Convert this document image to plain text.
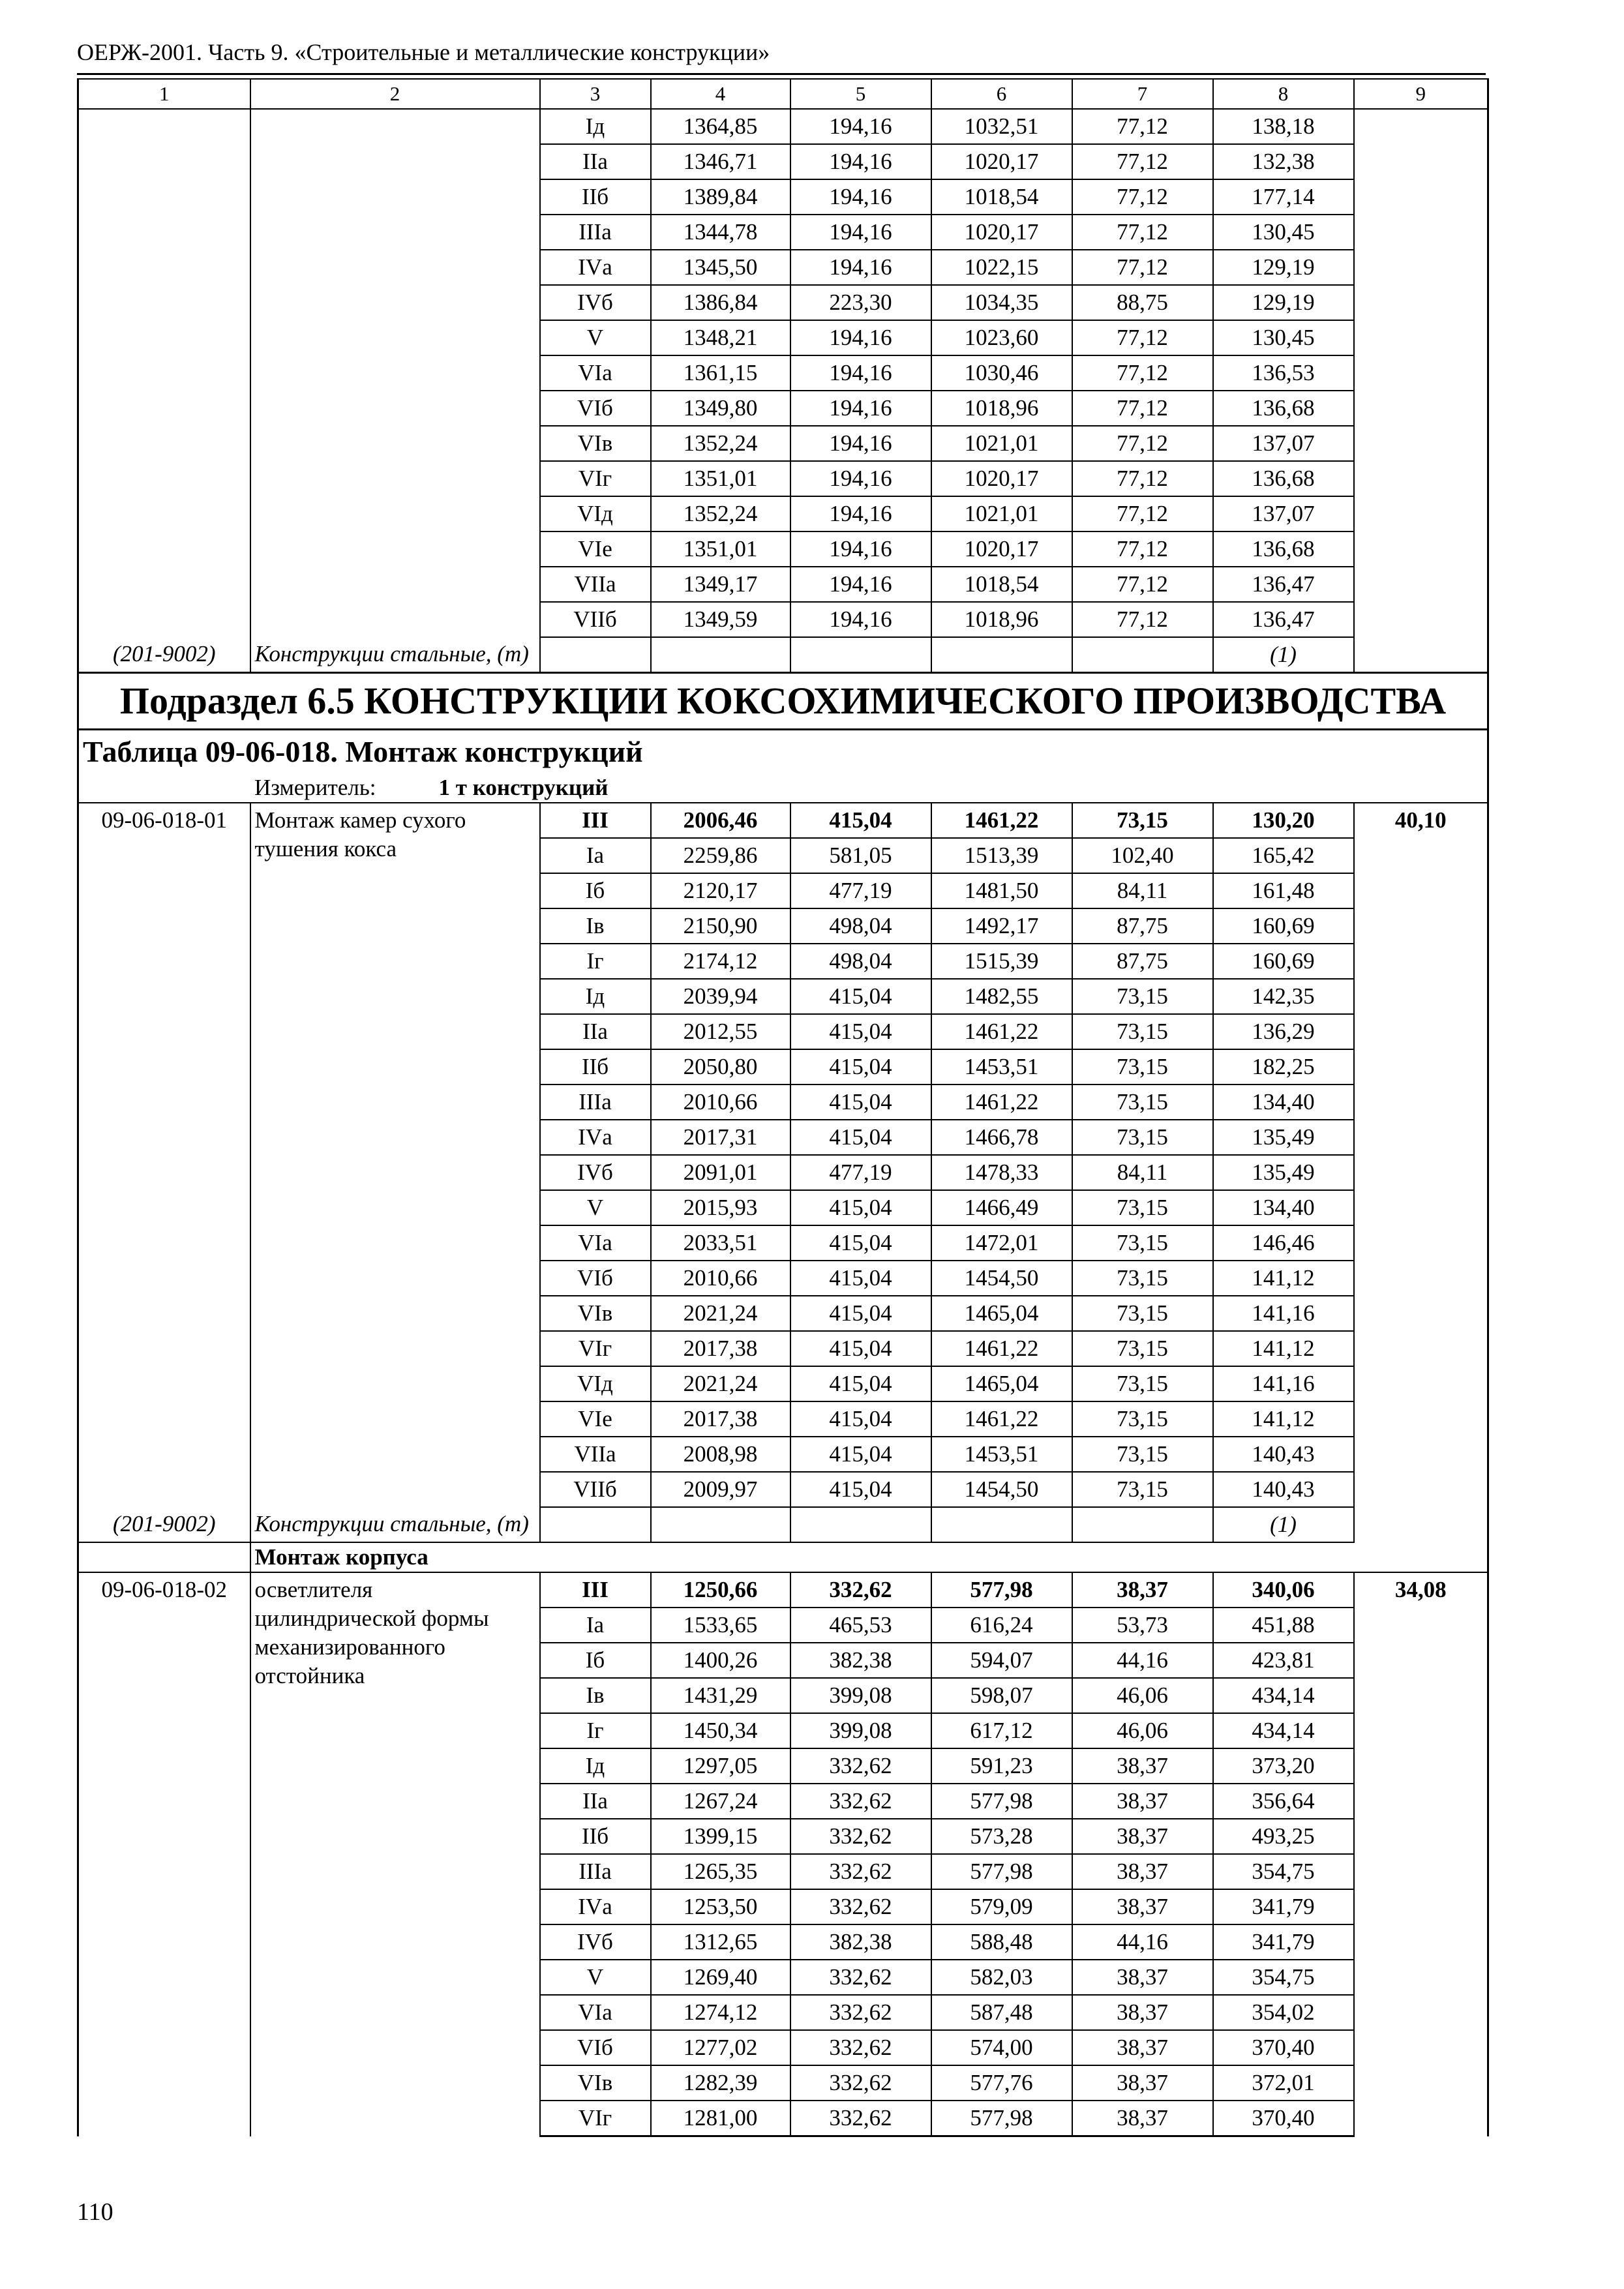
ОЕРЖ-2001. Часть 9. «Строительные и металлические конструкции»
1	2	3	4	5	6	7	8	9
		Iд	1364,85	194,16	1032,51	77,12	138,18	
		IIа	1346,71	194,16	1020,17	77,12	132,38	
		IIб	1389,84	194,16	1018,54	77,12	177,14	
		IIIа	1344,78	194,16	1020,17	77,12	130,45	
		IVа	1345,50	194,16	1022,15	77,12	129,19	
		IVб	1386,84	223,30	1034,35	88,75	129,19	
		V	1348,21	194,16	1023,60	77,12	130,45	
		VIа	1361,15	194,16	1030,46	77,12	136,53	
		VIб	1349,80	194,16	1018,96	77,12	136,68	
		VIв	1352,24	194,16	1021,01	77,12	137,07	
		VIг	1351,01	194,16	1020,17	77,12	136,68	
		VIд	1352,24	194,16	1021,01	77,12	137,07	
		VIе	1351,01	194,16	1020,17	77,12	136,68	
		VIIа	1349,17	194,16	1018,54	77,12	136,47	
		VIIб	1349,59	194,16	1018,96	77,12	136,47	
(201-9002)	Конструкции стальные, (т)						(1)	
Подраздел 6.5 КОНСТРУКЦИИ КОКСОХИМИЧЕСКОГО ПРОИЗВОДСТВА								
Таблица 09-06-018. Монтаж конструкций								
Измеритель: 1 т конструкций								
09-06-018-01	Монтаж камер сухого тушения кокса	III	2006,46	415,04	1461,22	73,15	130,20	40,10
		Iа	2259,86	581,05	1513,39	102,40	165,42	
		Iб	2120,17	477,19	1481,50	84,11	161,48	
		Iв	2150,90	498,04	1492,17	87,75	160,69	
		Iг	2174,12	498,04	1515,39	87,75	160,69	
		Iд	2039,94	415,04	1482,55	73,15	142,35	
		IIа	2012,55	415,04	1461,22	73,15	136,29	
		IIб	2050,80	415,04	1453,51	73,15	182,25	
		IIIа	2010,66	415,04	1461,22	73,15	134,40	
		IVа	2017,31	415,04	1466,78	73,15	135,49	
		IVб	2091,01	477,19	1478,33	84,11	135,49	
		V	2015,93	415,04	1466,49	73,15	134,40	
		VIа	2033,51	415,04	1472,01	73,15	146,46	
		VIб	2010,66	415,04	1454,50	73,15	141,12	
		VIв	2021,24	415,04	1465,04	73,15	141,16	
		VIг	2017,38	415,04	1461,22	73,15	141,12	
		VIд	2021,24	415,04	1465,04	73,15	141,16	
		VIе	2017,38	415,04	1461,22	73,15	141,12	
		VIIа	2008,98	415,04	1453,51	73,15	140,43	
		VIIб	2009,97	415,04	1454,50	73,15	140,43	
(201-9002)	Конструкции стальные, (т)						(1)	
	Монтаж корпуса							
09-06-018-02	осветлителя цилиндрической формы механизированного отстойника	III	1250,66	332,62	577,98	38,37	340,06	34,08
		Iа	1533,65	465,53	616,24	53,73	451,88	
		Iб	1400,26	382,38	594,07	44,16	423,81	
		Iв	1431,29	399,08	598,07	46,06	434,14	
		Iг	1450,34	399,08	617,12	46,06	434,14	
		Iд	1297,05	332,62	591,23	38,37	373,20	
		IIа	1267,24	332,62	577,98	38,37	356,64	
		IIб	1399,15	332,62	573,28	38,37	493,25	
		IIIа	1265,35	332,62	577,98	38,37	354,75	
		IVа	1253,50	332,62	579,09	38,37	341,79	
		IVб	1312,65	382,38	588,48	44,16	341,79	
		V	1269,40	332,62	582,03	38,37	354,75	
		VIа	1274,12	332,62	587,48	38,37	354,02	
		VIб	1277,02	332,62	574,00	38,37	370,40	
		VIв	1282,39	332,62	577,76	38,37	372,01	
		VIг	1281,00	332,62	577,98	38,37	370,40	
110
